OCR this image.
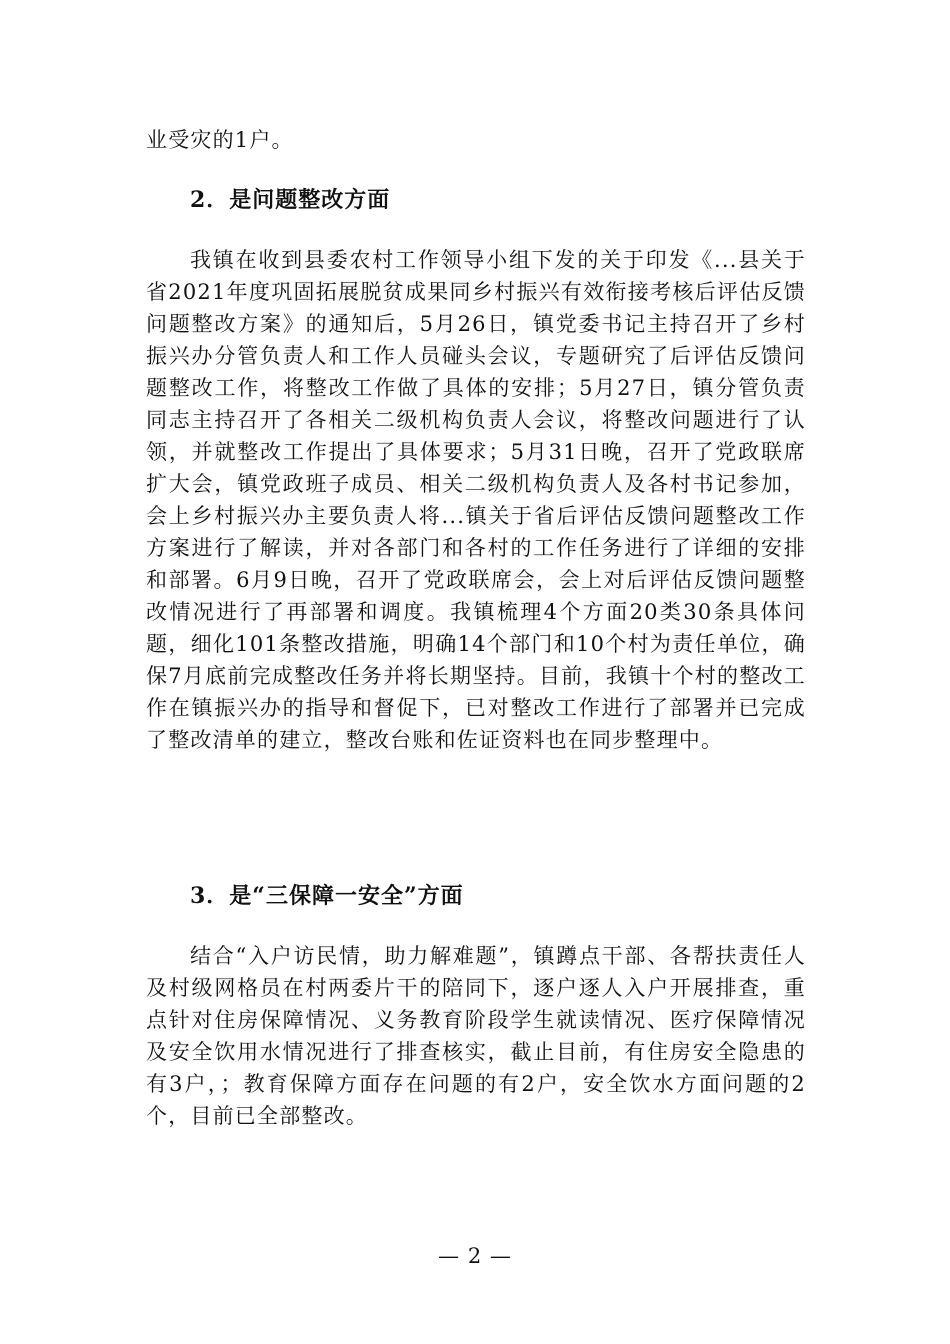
业受灾的1户。

2．是问题整改方面

我镇在收到县委农村工作领导小组下发的关于印发《...县关于省2021年度巩固拓展脱贫成果同乡村振兴有效衔接考核后评估反馈问题整改方案》的通知后，5月26日，镇党委书记主持召开了乡村振兴办分管负责人和工作人员碰头会议，专题研究了后评估反馈问题整改工作，将整改工作做了具体的安排；5月27日，镇分管负责同志主持召开了各相关二级机构负责人会议，将整改问题进行了认领，并就整改工作提出了具体要求；5月31日晚，召开了党政联席扩大会，镇党政班子成员、相关二级机构负责人及各村书记参加，会上乡村振兴办主要负责人将...镇关于省后评估反馈问题整改工作方案进行了解读，并对各部门和各村的工作任务进行了详细的安排和部署。6月9日晚，召开了党政联席会，会上对后评估反馈问题整改情况进行了再部署和调度。我镇梳理4个方面20类30条具体问题，细化101条整改措施，明确14个部门和10个村为责任单位，确保7月底前完成整改任务并将长期坚持。目前，我镇十个村的整改工作在镇振兴办的指导和督促下，已对整改工作进行了部署并已完成了整改清单的建立，整改台账和佐证资料也在同步整理中。

3．是“三保障一安全”方面

结合“入户访民情，助力解难题”，镇蹲点干部、各帮扶责任人及村级网格员在村两委片干的陪同下，逐户逐人入户开展排查，重点针对住房保障情况、义务教育阶段学生就读情况、医疗保障情况及安全饮用水情况进行了排查核实，截止目前，有住房安全隐患的有3户，；教育保障方面存在问题的有2户，安全饮水方面问题的2个，目前已全部整改。

— 2 —
